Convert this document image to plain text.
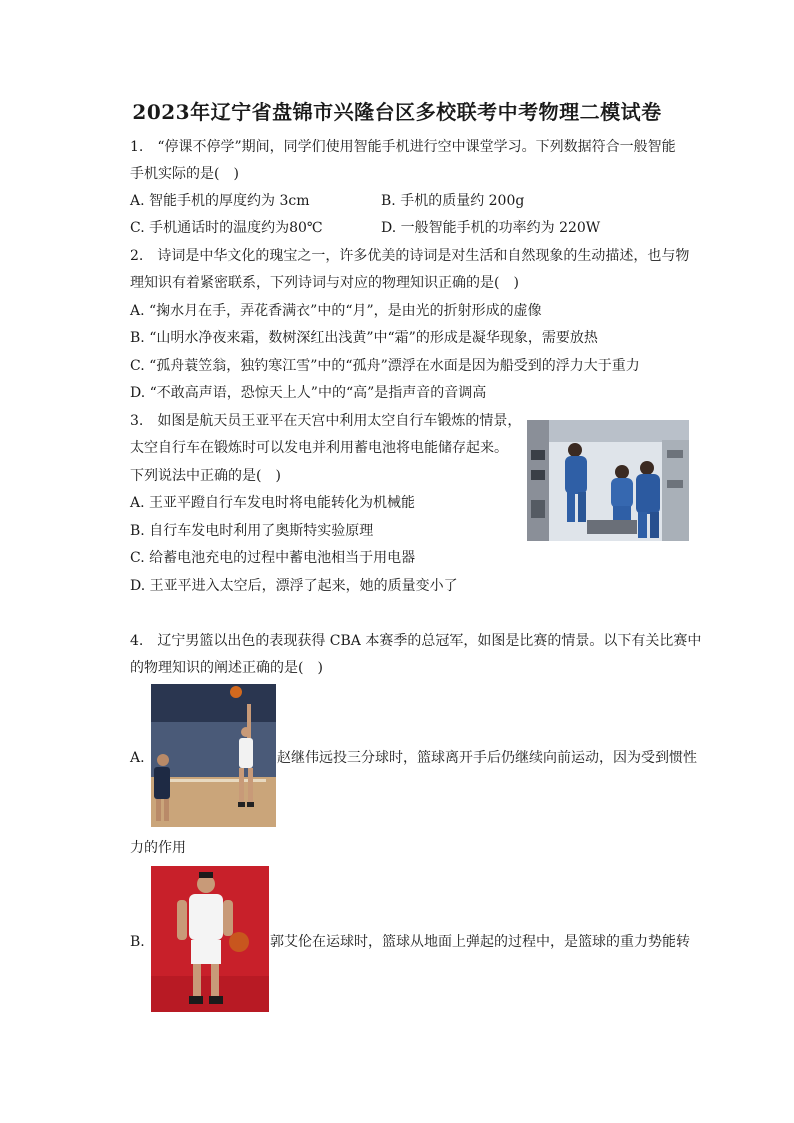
2023年辽宁省盘锦市兴隆台区多校联考中考物理二模试卷
1.　“停课不停学”期间，同学们使用智能手机进行空中课堂学习。下列数据符合一般智能
手机实际的是(　)
A. 智能手机的厚度约为 3cm	B. 手机的质量约 200g
C. 手机通话时的温度约为80℃	D. 一般智能手机的功率约为 220W
2.　诗词是中华文化的瑰宝之一，许多优美的诗词是对生活和自然现象的生动描述，也与物
理知识有着紧密联系，下列诗词与对应的物理知识正确的是(　)
A. “掬水月在手，弄花香满衣”中的“月”，是由光的折射形成的虚像
B. “山明水净夜来霜，数树深红出浅黄”中“霜”的形成是凝华现象，需要放热
C. “孤舟蓑笠翁，独钓寒江雪”中的“孤舟”漂浮在水面是因为船受到的浮力大于重力
D. “不敢高声语，恐惊天上人”中的“高”是指声音的音调高
3.　如图是航天员王亚平在天宫中利用太空自行车锻炼的情景，
太空自行车在锻炼时可以发电并利用蓄电池将电能储存起来。
下列说法中正确的是(　)
A. 王亚平蹬自行车发电时将电能转化为机械能
B. 自行车发电时利用了奥斯特实验原理
C. 给蓄电池充电的过程中蓄电池相当于用电器
D. 王亚平进入太空后，漂浮了起来，她的质量变小了
4.　辽宁男篮以出色的表现获得 CBA 本赛季的总冠军，如图是比赛的情景。以下有关比赛中
的物理知识的阐述正确的是(　)
A.	赵继伟远投三分球时，篮球离开手后仍继续向前运动，因为受到惯性
力的作用
B.	郭艾伦在运球时，篮球从地面上弹起的过程中，是篮球的重力势能转
